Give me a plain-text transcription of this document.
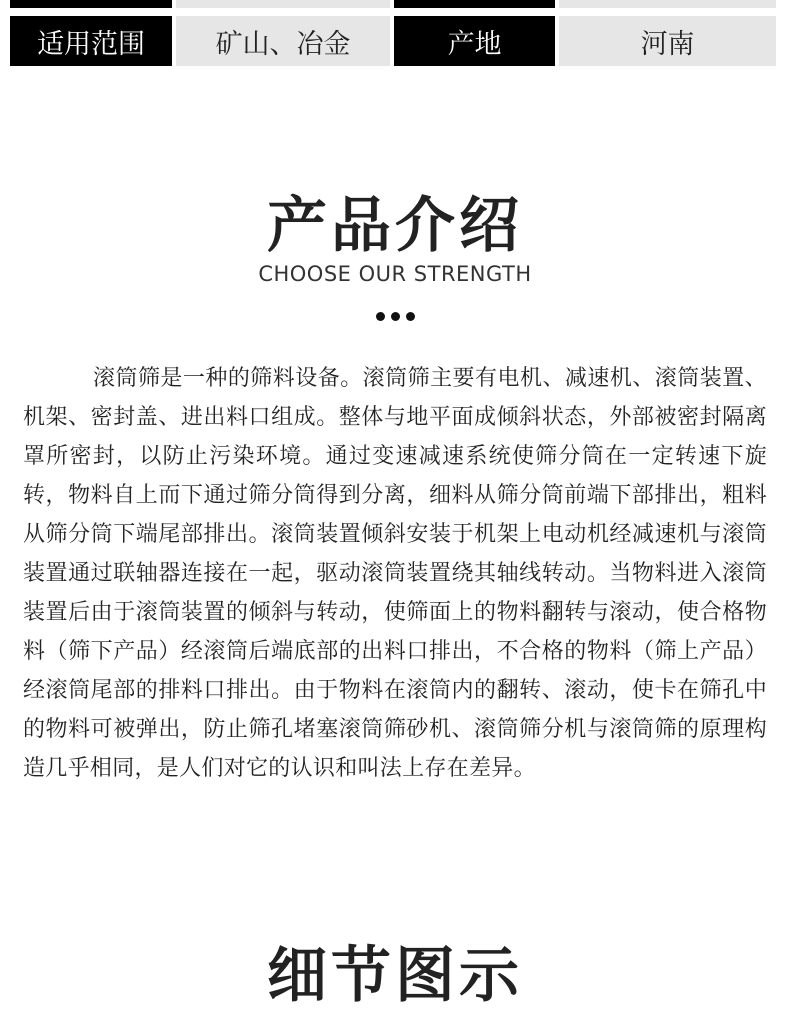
适用范围	矿山、冶金	产地	河南
产品介绍
CHOOSE OUR STRENGTH

滚筒筛是一种的筛料设备。滚筒筛主要有电机、减速机、滚筒装置、机架、密封盖、进出料口组成。整体与地平面成倾斜状态，外部被密封隔离罩所密封，以防止污染环境。通过变速减速系统使筛分筒在一定转速下旋转，物料自上而下通过筛分筒得到分离，细料从筛分筒前端下部排出，粗料从筛分筒下端尾部排出。滚筒装置倾斜安装于机架上电动机经减速机与滚筒装置通过联轴器连接在一起，驱动滚筒装置绕其轴线转动。当物料进入滚筒装置后由于滚筒装置的倾斜与转动，使筛面上的物料翻转与滚动，使合格物料（筛下产品）经滚筒后端底部的出料口排出，不合格的物料（筛上产品）经滚筒尾部的排料口排出。由于物料在滚筒内的翻转、滚动，使卡在筛孔中的物料可被弹出，防止筛孔堵塞滚筒筛砂机、滚筒筛分机与滚筒筛的原理构造几乎相同，是人们对它的认识和叫法上存在差异。

细节图示
